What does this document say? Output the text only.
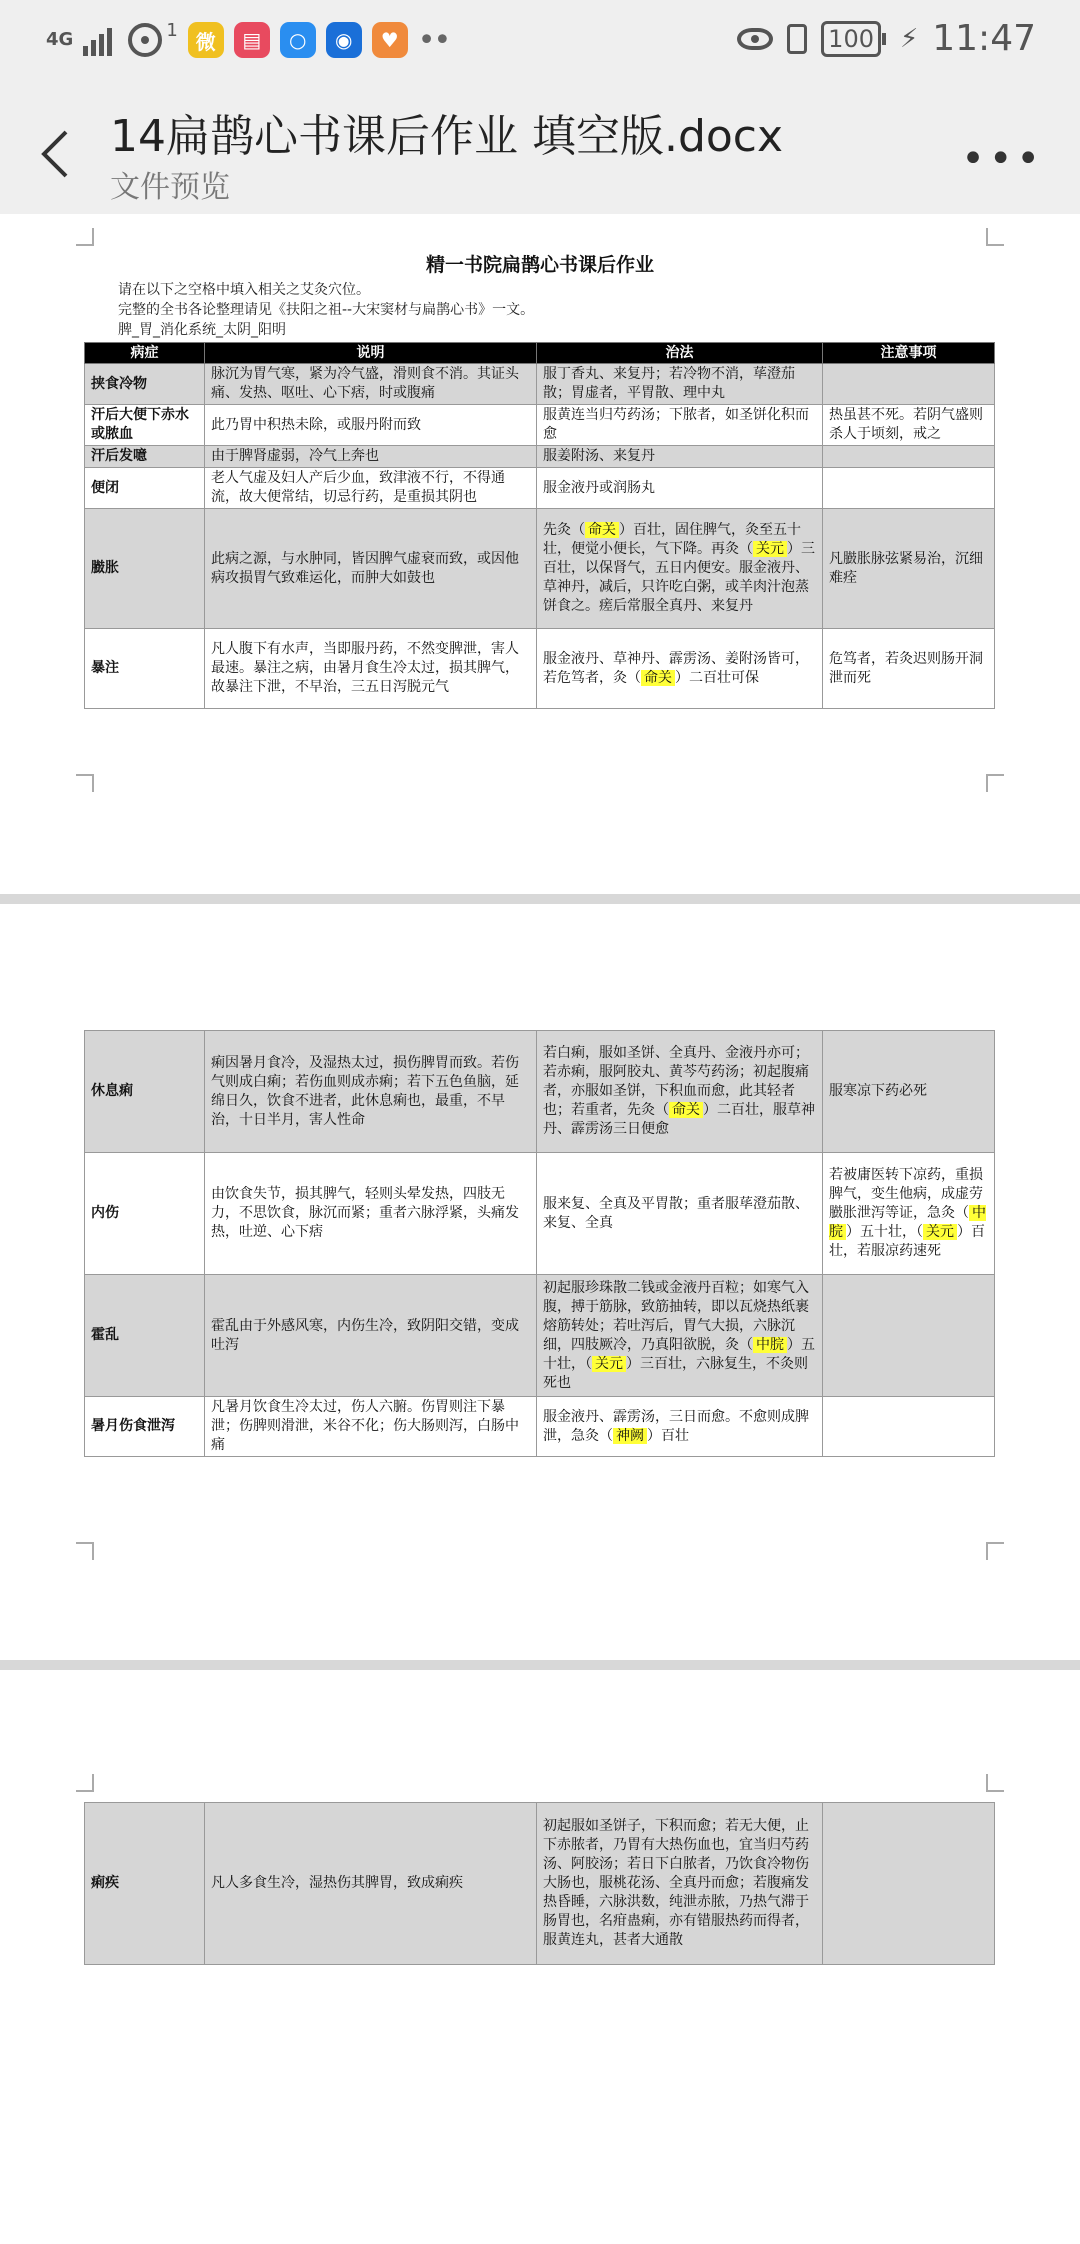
4G	1 微	▤	○	◉	♥ ••	100 ⚡ 11:47
14扁鹊心书课后作业 填空版.docx
文件预览
•••
精一书院扁鹊心书课后作业
请在以下之空格中填入相关之艾灸穴位。
完整的全书各论整理请见《扶阳之祖--大宋窦材与扁鹊心书》一文。
脾_胃_消化系统_太阴_阳明
病症	说明	治法	注意事项
挟食冷物	脉沉为胃气寒，紧为冷气盛，滑则食不消。其证头痛、发热、呕吐、心下痞，时或腹痛	服丁香丸、来复丹；若冷物不消，荜澄茄散；胃虚者，平胃散、理中丸	
汗后大便下赤水或脓血	此乃胃中积热未除，或服丹附而致	服黄连当归芍药汤；下脓者，如圣饼化积而愈	热虽甚不死。若阴气盛则杀人于顷刻，戒之
汗后发噫	由于脾肾虚弱，冷气上奔也	服姜附汤、来复丹	
便闭	老人气虚及妇人产后少血，致津液不行，不得通流，故大便常结，切忌行药，是重损其阴也	服金液丹或润肠丸	
臌胀	此病之源，与水肿同，皆因脾气虚衰而致，或因他病攻损胃气致难运化，而肿大如鼓也	先灸（ 命关 ）百壮，固住脾气，灸至五十壮，便觉小便长，气下降。再灸（ 关元 ）三百壮，以保肾气，五日内便安。服金液丹、草神丹，减后，只许吃白粥，或羊肉汁泡蒸饼食之。瘥后常服全真丹、来复丹	凡臌胀脉弦紧易治，沉细难痊
暴注	凡人腹下有水声，当即服丹药，不然变脾泄，害人最速。暴注之病，由暑月食生冷太过，损其脾气，故暴注下泄，不早治，三五日泻脱元气	服金液丹、草神丹、霹雳汤、姜附汤皆可，若危笃者，灸（ 命关 ）二百壮可保	危笃者，若灸迟则肠开洞泄而死
休息痢	痢因暑月食冷，及湿热太过，损伤脾胃而致。若伤气则成白痢；若伤血则成赤痢；若下五色鱼脑，延绵日久，饮食不进者，此休息痢也，最重，不早治，十日半月，害人性命	若白痢，服如圣饼、全真丹、金液丹亦可；若赤痢，服阿胶丸、黄芩芍药汤；初起腹痛者，亦服如圣饼，下积血而愈，此其轻者也；若重者，先灸（ 命关 ）二百壮，服草神丹、霹雳汤三日便愈	服寒凉下药必死
内伤	由饮食失节，损其脾气，轻则头晕发热，四肢无力，不思饮食，脉沉而紧；重者六脉浮紧，头痛发热，吐逆、心下痞	服来复、全真及平胃散；重者服荜澄茄散、来复、全真	若被庸医转下凉药，重损脾气，变生他病，成虚劳臌胀泄泻等证，急灸（ 中脘 ）五十壮，（ 关元 ）百壮，若服凉药速死
霍乱	霍乱由于外感风寒，内伤生冷，致阴阳交错，变成吐泻	初起服珍珠散二钱或金液丹百粒；如寒气入腹，搏于筋脉，致筋抽转，即以瓦烧热纸裹熔筋转处；若吐泻后，胃气大损，六脉沉细，四肢厥冷，乃真阳欲脱，灸（ 中脘 ）五十壮，（ 关元 ）三百壮，六脉复生，不灸则死也	
暑月伤食泄泻	凡暑月饮食生冷太过，伤人六腑。伤胃则注下暴泄；伤脾则滑泄，米谷不化；伤大肠则泻，白肠中痛	服金液丹、霹雳汤，三日而愈。不愈则成脾泄，急灸（ 神阙 ）百壮	
痢疾	凡人多食生冷，湿热伤其脾胃，致成痢疾	初起服如圣饼子，下积而愈；若无大便，止下赤脓者，乃胃有大热伤血也，宜当归芍药汤、阿胶汤；若日下白脓者，乃饮食冷物伤大肠也，服桃花汤、全真丹而愈；若腹痛发热昏睡，六脉洪数，纯泄赤脓，乃热气滞于肠胃也，名疳蛊痢，亦有错服热药而得者，服黄连丸，甚者大通散	
